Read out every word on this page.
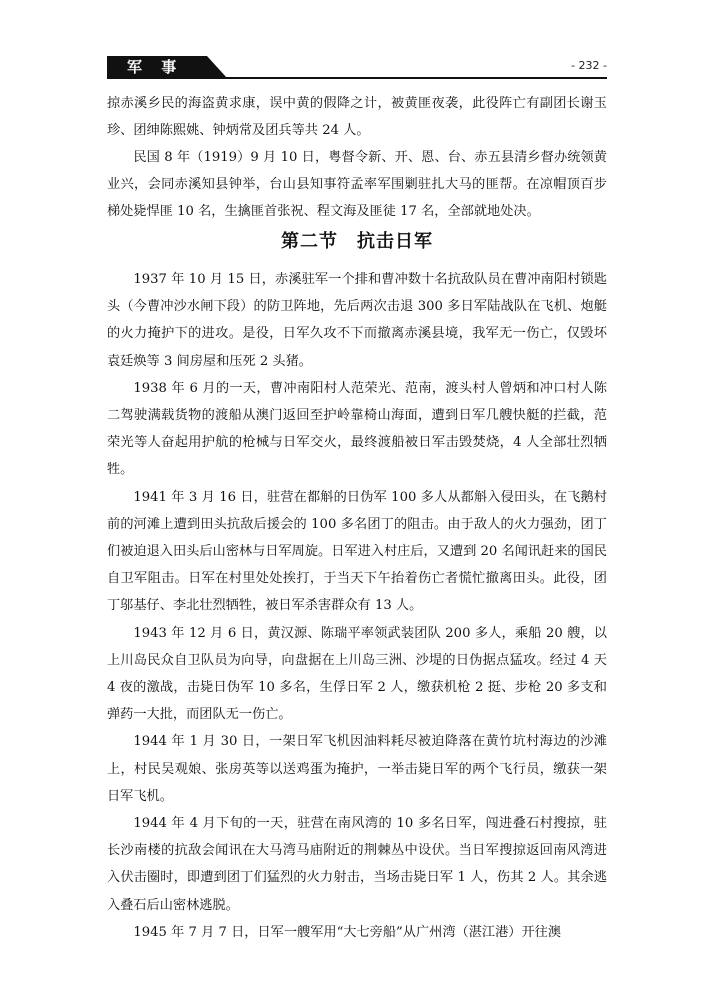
军 事	- 232 -

掠赤溪乡民的海盗黄求康，误中黄的假降之计，被黄匪夜袭，此役阵亡有副团长谢玉珍、团绅陈熙姚、钟炳常及团兵等共 24 人。

民国 8 年（1919）9 月 10 日，粤督令新、开、恩、台、赤五县清乡督办统领黄业兴，会同赤溪知县钟举，台山县知事符孟率军围剿驻扎大马的匪帮。在凉帽顶百步梯处毙悍匪 10 名，生擒匪首张祝、程文海及匪徒 17 名，全部就地处决。

第二节　抗击日军

1937 年 10 月 15 日，赤溪驻军一个排和曹冲数十名抗敌队员在曹冲南阳村锁匙头（今曹冲沙水闸下段）的防卫阵地，先后两次击退 300 多日军陆战队在飞机、炮艇的火力掩护下的进攻。是役，日军久攻不下而撤离赤溪县境，我军无一伤亡，仅毁坏袁廷焕等 3 间房屋和压死 2 头猪。

1938 年 6 月的一天，曹冲南阳村人范荣光、范南，渡头村人曾炳和冲口村人陈二驾驶满载货物的渡船从澳门返回至护岭靠椅山海面，遭到日军几艘快艇的拦截，范荣光等人奋起用护航的枪械与日军交火，最终渡船被日军击毁焚烧，4 人全部壮烈牺牲。

1941 年 3 月 16 日，驻营在都斛的日伪军 100 多人从都斛入侵田头，在飞鹅村前的河滩上遭到田头抗敌后援会的 100 多名团丁的阻击。由于敌人的火力强劲，团丁们被迫退入田头后山密林与日军周旋。日军进入村庄后，又遭到 20 名闻讯赶来的国民自卫军阻击。日军在村里处处挨打，于当天下午抬着伤亡者慌忙撤离田头。此役，团丁邬基仔、李北壮烈牺牲，被日军杀害群众有 13 人。

1943 年 12 月 6 日，黄汉源、陈瑞平率领武装团队 200 多人，乘船 20 艘，以上川岛民众自卫队员为向导，向盘据在上川岛三洲、沙堤的日伪据点猛攻。经过 4 天 4 夜的激战，击毙日伪军 10 多名，生俘日军 2 人，缴获机枪 2 挺、步枪 20 多支和弹药一大批，而团队无一伤亡。

1944 年 1 月 30 日，一架日军飞机因油料耗尽被迫降落在黄竹坑村海边的沙滩上，村民吴观娘、张房英等以送鸡蛋为掩护，一举击毙日军的两个飞行员，缴获一架日军飞机。

1944 年 4 月下旬的一天，驻营在南风湾的 10 多名日军，闯进叠石村搜掠，驻长沙南楼的抗敌会闻讯在大马湾马庙附近的荆棘丛中设伏。当日军搜掠返回南风湾进入伏击圈时，即遭到团丁们猛烈的火力射击，当场击毙日军 1 人，伤其 2 人。其余逃入叠石后山密林逃脱。

1945 年 7 月 7 日，日军一艘军用“大七旁船”从广州湾（湛江港）开往澳
